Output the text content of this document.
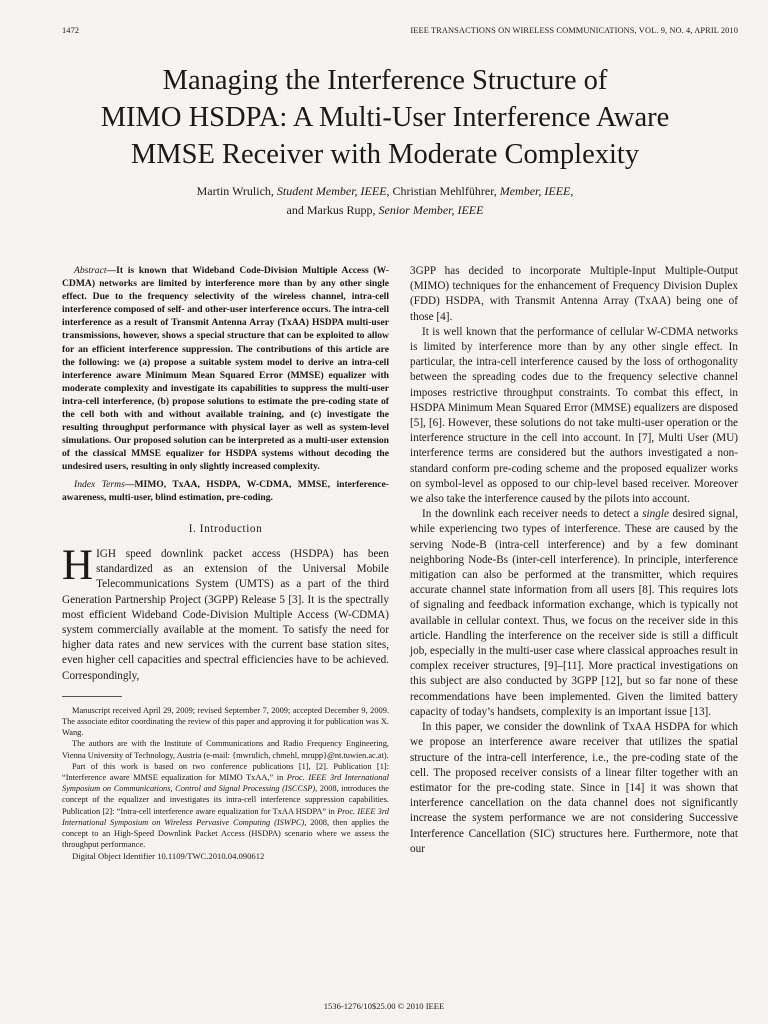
1472	IEEE TRANSACTIONS ON WIRELESS COMMUNICATIONS, VOL. 9, NO. 4, APRIL 2010
Managing the Interference Structure of
MIMO HSDPA: A Multi-User Interference Aware
MMSE Receiver with Moderate Complexity
Martin Wrulich, Student Member, IEEE, Christian Mehlführer, Member, IEEE,
and Markus Rupp, Senior Member, IEEE

Abstract—It is known that Wideband Code-Division Multiple Access (W-CDMA) networks are limited by interference more than by any other single effect. Due to the frequency selectivity of the wireless channel, intra-cell interference composed of self- and other-user interference occurs. The intra-cell interference as a result of Transmit Antenna Array (TxAA) HSDPA multi-user transmissions, however, shows a special structure that can be exploited to allow for an efficient interference suppression. The contributions of this article are the following: we (a) propose a suitable system model to derive an intra-cell interference aware Minimum Mean Squared Error (MMSE) equalizer with moderate complexity and investigate its capabilities to suppress the multi-user intra-cell interference, (b) propose solutions to estimate the pre-coding state of the cell both with and without available training, and (c) investigate the resulting throughput performance with physical layer as well as system-level simulations. Our proposed solution can be interpreted as a multi-user extension of the classical MMSE equalizer for HSDPA systems without decoding the undesired users, resulting in only slightly increased complexity.

Index Terms—MIMO, TxAA, HSDPA, W-CDMA, MMSE, interference-awareness, multi-user, blind estimation, pre-coding.

I. Introduction

HIGH speed downlink packet access (HSDPA) has been standardized as an extension of the Universal Mobile Telecommunications System (UMTS) as a part of the third Generation Partnership Project (3GPP) Release 5 [3]. It is the spectrally most efficient Wideband Code-Division Multiple Access (W-CDMA) system commercially available at the moment. To satisfy the need for higher data rates and new services with the current base station sites, even higher cell capacities and spectral efficiencies have to be achieved. Correspondingly,

Manuscript received April 29, 2009; revised September 7, 2009; accepted December 9, 2009. The associate editor coordinating the review of this paper and approving it for publication was X. Wang.

The authors are with the Institute of Communications and Radio Frequency Engineering, Vienna University of Technology, Austria (e-mail: {mwrulich, chmehl, mrupp}@nt.tuwien.ac.at).

Part of this work is based on two conference publications [1], [2]. Publication [1]: “Interference aware MMSE equalization for MIMO TxAA,” in Proc. IEEE 3rd International Symposium on Communications, Control and Signal Processing (ISCCSP), 2008, introduces the concept of the equalizer and investigates its intra-cell interference suppression capabilities. Publication [2]: “Intra-cell interference aware equalization for TxAA HSDPA” in Proc. IEEE 3rd International Symposium on Wireless Pervasive Computing (ISWPC), 2008, then applies the concept to an High-Speed Downlink Packet Access (HSDPA) scenario where we assess the throughput performance.

Digital Object Identifier 10.1109/TWC.2010.04.090612

3GPP has decided to incorporate Multiple-Input Multiple-Output (MIMO) techniques for the enhancement of Frequency Division Duplex (FDD) HSDPA, with Transmit Antenna Array (TxAA) being one of those [4].

It is well known that the performance of cellular W-CDMA networks is limited by interference more than by any other single effect. In particular, the intra-cell interference caused by the loss of orthogonality between the spreading codes due to the frequency selective channel imposes restrictive throughput constraints. To combat this effect, in HSDPA Minimum Mean Squared Error (MMSE) equalizers are disposed [5], [6]. However, these solutions do not take multi-user operation or the interference structure in the cell into account. In [7], Multi User (MU) interference terms are considered but the authors investigated a non-standard conform pre-coding scheme and the proposed equalizer works on symbol-level as opposed to our chip-level based receiver. Moreover we also take the interference caused by the pilots into account.

In the downlink each receiver needs to detect a single desired signal, while experiencing two types of interference. These are caused by the serving Node-B (intra-cell interference) and by a few dominant neighboring Node-Bs (inter-cell interference). In principle, interference mitigation can also be performed at the transmitter, which requires accurate channel state information from all users [8]. This requires lots of signaling and feedback information exchange, which is typically not available in cellular context. Thus, we focus on the receiver side in this article. Handling the interference on the receiver side is still a difficult job, especially in the multi-user case where classical approaches result in complex receiver structures, [9]–[11]. More practical investigations on this subject are also conducted by 3GPP [12], but so far none of these recommendations have been implemented. Given the limited battery capacity of today’s handsets, complexity is an important issue [13].

In this paper, we consider the downlink of TxAA HSDPA for which we propose an interference aware receiver that utilizes the spatial structure of the intra-cell interference, i.e., the pre-coding state of the cell. The proposed receiver consists of a linear filter together with an estimator for the pre-coding state. Since in [14] it was shown that interference cancellation on the data channel does not significantly increase the system performance we are not considering Successive Interference Cancellation (SIC) structures here. Furthermore, note that our

1536-1276/10$25.00 © 2010 IEEE
